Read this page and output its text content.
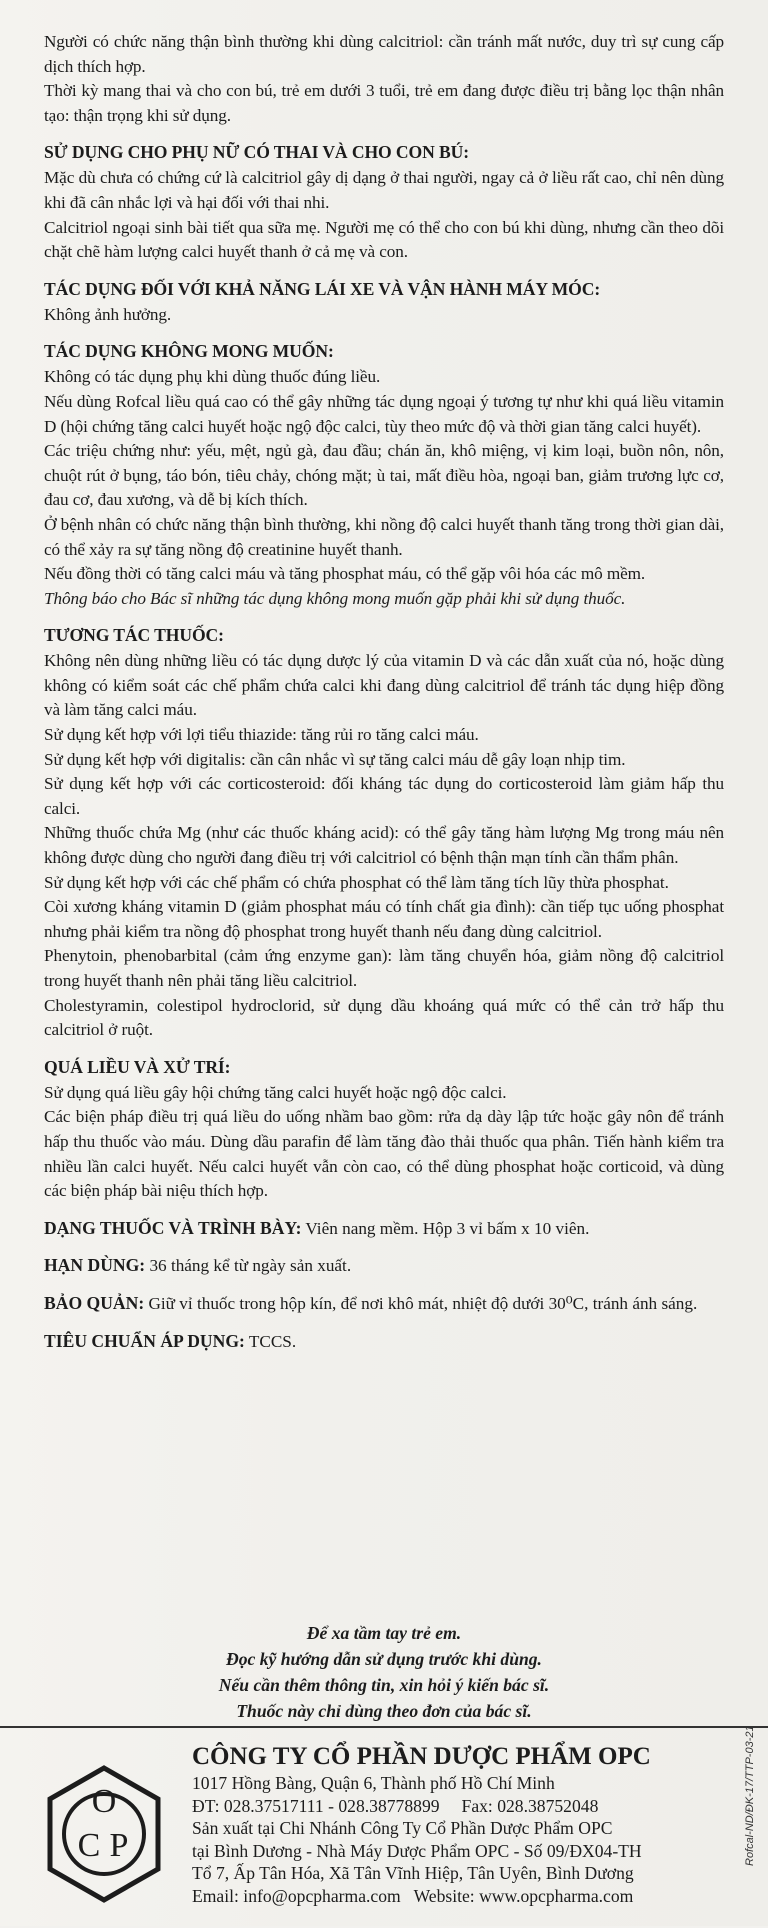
Người có chức năng thận bình thường khi dùng calcitriol: cần tránh mất nước, duy trì sự cung cấp dịch thích hợp.

Thời kỳ mang thai và cho con bú, trẻ em dưới 3 tuổi, trẻ em đang được điều trị bằng lọc thận nhân tạo: thận trọng khi sử dụng.

SỬ DỤNG CHO PHỤ NỮ CÓ THAI VÀ CHO CON BÚ:

Mặc dù chưa có chứng cứ là calcitriol gây dị dạng ở thai người, ngay cả ở liều rất cao, chỉ nên dùng khi đã cân nhắc lợi và hại đối với thai nhi.

Calcitriol ngoại sinh bài tiết qua sữa mẹ. Người mẹ có thể cho con bú khi dùng, nhưng cần theo dõi chặt chẽ hàm lượng calci huyết thanh ở cả mẹ và con.

TÁC DỤNG ĐỐI VỚI KHẢ NĂNG LÁI XE VÀ VẬN HÀNH MÁY MÓC:

Không ảnh hưởng.

TÁC DỤNG KHÔNG MONG MUỐN:

Không có tác dụng phụ khi dùng thuốc đúng liều.

Nếu dùng Rofcal liều quá cao có thể gây những tác dụng ngoại ý tương tự như khi quá liều vitamin D (hội chứng tăng calci huyết hoặc ngộ độc calci, tùy theo mức độ và thời gian tăng calci huyết).

Các triệu chứng như: yếu, mệt, ngủ gà, đau đầu; chán ăn, khô miệng, vị kim loại, buồn nôn, nôn, chuột rút ở bụng, táo bón, tiêu chảy, chóng mặt; ù tai, mất điều hòa, ngoại ban, giảm trương lực cơ, đau cơ, đau xương, và dễ bị kích thích.

Ở bệnh nhân có chức năng thận bình thường, khi nồng độ calci huyết thanh tăng trong thời gian dài, có thể xảy ra sự tăng nồng độ creatinine huyết thanh.

Nếu đồng thời có tăng calci máu và tăng phosphat máu, có thể gặp vôi hóa các mô mềm.

Thông báo cho Bác sĩ những tác dụng không mong muốn gặp phải khi sử dụng thuốc.

TƯƠNG TÁC THUỐC:

Không nên dùng những liều có tác dụng dược lý của vitamin D và các dẫn xuất của nó, hoặc dùng không có kiểm soát các chế phẩm chứa calci khi đang dùng calcitriol để tránh tác dụng hiệp đồng và làm tăng calci máu.

Sử dụng kết hợp với lợi tiểu thiazide: tăng rủi ro tăng calci máu.

Sử dụng kết hợp với digitalis: cần cân nhắc vì sự tăng calci máu dễ gây loạn nhịp tim.

Sử dụng kết hợp với các corticosteroid: đối kháng tác dụng do corticosteroid làm giảm hấp thu calci.

Những thuốc chứa Mg (như các thuốc kháng acid): có thể gây tăng hàm lượng Mg trong máu nên không được dùng cho người đang điều trị với calcitriol có bệnh thận mạn tính cần thẩm phân.

Sử dụng kết hợp với các chế phẩm có chứa phosphat có thể làm tăng tích lũy thừa phosphat.

Còi xương kháng vitamin D (giảm phosphat máu có tính chất gia đình): cần tiếp tục uống phosphat nhưng phải kiểm tra nồng độ phosphat trong huyết thanh nếu đang dùng calcitriol.

Phenytoin, phenobarbital (cảm ứng enzyme gan): làm tăng chuyển hóa, giảm nồng độ calcitriol trong huyết thanh nên phải tăng liều calcitriol.

Cholestyramin, colestipol hydroclorid, sử dụng dầu khoáng quá mức có thể cản trở hấp thu calcitriol ở ruột.

QUÁ LIỀU VÀ XỬ TRÍ:

Sử dụng quá liều gây hội chứng tăng calci huyết hoặc ngộ độc calci.

Các biện pháp điều trị quá liều do uống nhầm bao gồm: rửa dạ dày lập tức hoặc gây nôn để tránh hấp thu thuốc vào máu. Dùng dầu parafin để làm tăng đào thải thuốc qua phân. Tiến hành kiểm tra nhiều lần calci huyết. Nếu calci huyết vẫn còn cao, có thể dùng phosphat hoặc corticoid, và dùng các biện pháp bài niệu thích hợp.

DẠNG THUỐC VÀ TRÌNH BÀY: Viên nang mềm. Hộp 3 vỉ bấm x 10 viên.

HẠN DÙNG: 36 tháng kể từ ngày sản xuất.

BẢO QUẢN: Giữ vỉ thuốc trong hộp kín, để nơi khô mát, nhiệt độ dưới 30⁰C, tránh ánh sáng.

TIÊU CHUẨN ÁP DỤNG: TCCS.

Để xa tầm tay trẻ em.

Đọc kỹ hướng dẫn sử dụng trước khi dùng.

Nếu cần thêm thông tin, xin hỏi ý kiến bác sĩ.

Thuốc này chỉ dùng theo đơn của bác sĩ.

O
C P

CÔNG TY CỔ PHẦN DƯỢC PHẨM OPC

1017 Hồng Bàng, Quận 6, Thành phố Hồ Chí Minh

ĐT: 028.37517111 - 028.38778899     Fax: 028.38752048

Sản xuất tại Chi Nhánh Công Ty Cổ Phần Dược Phẩm OPC

tại Bình Dương - Nhà Máy Dược Phẩm OPC - Số 09/ĐX04-TH

Tổ 7, Ấp Tân Hóa, Xã Tân Vĩnh Hiệp, Tân Uyên, Bình Dương

Email: info@opcpharma.com   Website: www.opcpharma.com

Rofcal-ND/ĐK-17/TTP-03-21
